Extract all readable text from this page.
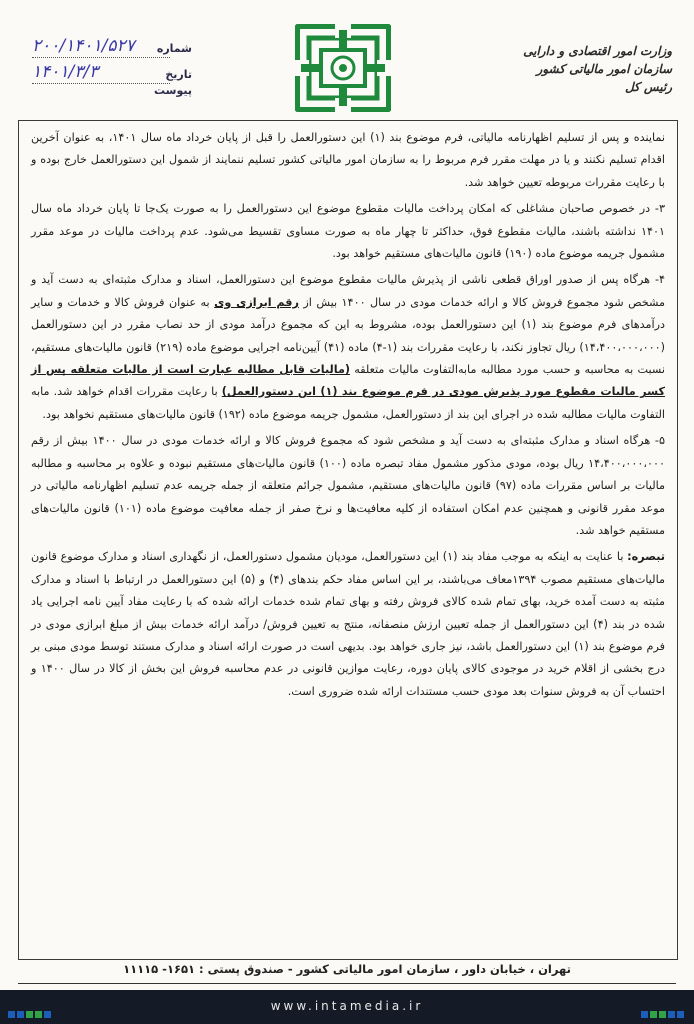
۲۰۰/۱۴۰۱/۵۲۷ شماره
۱۴۰۱/۳/۳	تاریخ
پیوست
وزارت امور اقتصادی و دارایی
سازمان امور مالیاتی کشور
رئیس کل

نماینده و پس از تسلیم اظهارنامه مالیاتی، فرم موضوع بند (۱) این دستورالعمل را قبل از پایان خرداد ماه سال ۱۴۰۱، به عنوان آخرین اقدام تسلیم نکنند و یا در مهلت مقرر فرم مربوط را به سازمان امور مالیاتی کشور تسلیم ننمایند از شمول این دستورالعمل خارج بوده و با رعایت مقررات مربوطه تعیین خواهد شد.

۳- در خصوص صاحبان مشاغلی که امکان پرداخت مالیات مقطوع موضوع این دستورالعمل را به صورت یک‌جا تا پایان خرداد ماه سال ۱۴۰۱ نداشته باشند، مالیات مقطوع فوق، حداکثر تا چهار ماه به صورت مساوی تقسیط می‌شود. عدم پرداخت مالیات در موعد مقرر مشمول جریمه موضوع ماده (۱۹۰) قانون مالیات‌های مستقیم خواهد بود.

۴- هرگاه پس از صدور اوراق قطعی ناشی از پذیرش مالیات مقطوع موضوع این دستورالعمل، اسناد و مدارک مثبته‌ای به دست آید و مشخص شود مجموع فروش کالا و ارائه خدمات مودی در سال ۱۴۰۰ بیش از رقم ابرازی وی به عنوان فروش کالا و خدمات و سایر درآمدهای فرم موضوع بند (۱) این دستورالعمل بوده، مشروط به این که مجموع درآمد مودی از حد نصاب مقرر در این دستورالعمل (۱۴،۴۰۰،۰۰۰،۰۰۰) ریال تجاوز نکند، با رعایت مقررات بند (۱-۴) ماده (۴۱) آیین‌نامه اجرایی موضوع ماده (۲۱۹) قانون مالیات‌های مستقیم، نسبت به محاسبه و حسب مورد مطالبه مابه‌التفاوت مالیات متعلقه (مالیات قابل مطالبه عبارت است از مالیات متعلقه پس از کسر مالیات مقطوع مورد پذیرش مودی در فرم موضوع بند (۱) این دستورالعمل) با رعایت مقررات اقدام خواهد شد. مابه التفاوت مالیات مطالبه شده در اجرای این بند از دستورالعمل، مشمول جریمه موضوع ماده (۱۹۲) قانون مالیات‌های مستقیم نخواهد بود.

۵- هرگاه اسناد و مدارک مثبته‌ای به دست آید و مشخص شود که مجموع فروش کالا و ارائه خدمات مودی در سال ۱۴۰۰ بیش از رقم ۱۴،۴۰۰،۰۰۰،۰۰۰ ریال بوده، مودی مذکور مشمول مفاد تبصره ماده (۱۰۰) قانون مالیات‌های مستقیم نبوده و علاوه بر محاسبه و مطالبه مالیات بر اساس مقررات ماده (۹۷) قانون مالیات‌های مستقیم، مشمول جرائم متعلقه از جمله جریمه عدم تسلیم اظهارنامه مالیاتی در موعد مقرر قانونی و همچنین عدم امکان استفاده از کلیه معافیت‌ها و نرخ صفر از جمله معافیت موضوع ماده (۱۰۱) قانون مالیات‌های مستقیم خواهد شد.

تبصره: با عنایت به اینکه به موجب مفاد بند (۱) این دستورالعمل، مودیان مشمول دستورالعمل، از نگهداری اسناد و مدارک موضوع قانون مالیات‌های مستقیم مصوب ۱۳۹۴معاف می‌باشند، بر این اساس مفاد حکم بندهای (۴) و (۵) این دستورالعمل در ارتباط با اسناد و مدارک مثبته به دست آمده خرید، بهای تمام شده کالای فروش رفته و بهای تمام شده خدمات ارائه شده که با رعایت مفاد آیین نامه اجرایی یاد شده در بند (۴) این دستورالعمل از جمله تعیین ارزش منصفانه، منتج به تعیین فروش/ درآمد ارائه خدمات بیش از مبلغ ابرازی مودی در فرم موضوع بند (۱) این دستورالعمل باشد، نیز جاری خواهد بود. بدیهی است در صورت ارائه اسناد و مدارک مستند توسط مودی مبنی بر درج بخشی از اقلام خرید در موجودی کالای پایان دوره، رعایت موازین قانونی در عدم محاسبه فروش این بخش از کالا در سال ۱۴۰۰ و احتساب آن به فروش سنوات بعد مودی حسب مستندات ارائه شده ضروری است.

تهران ، خیابان داور ، سازمان امور مالیاتی کشور - صندوق پستی : ۱۶۵۱- ۱۱۱۱۵
www.intamedia.ir
